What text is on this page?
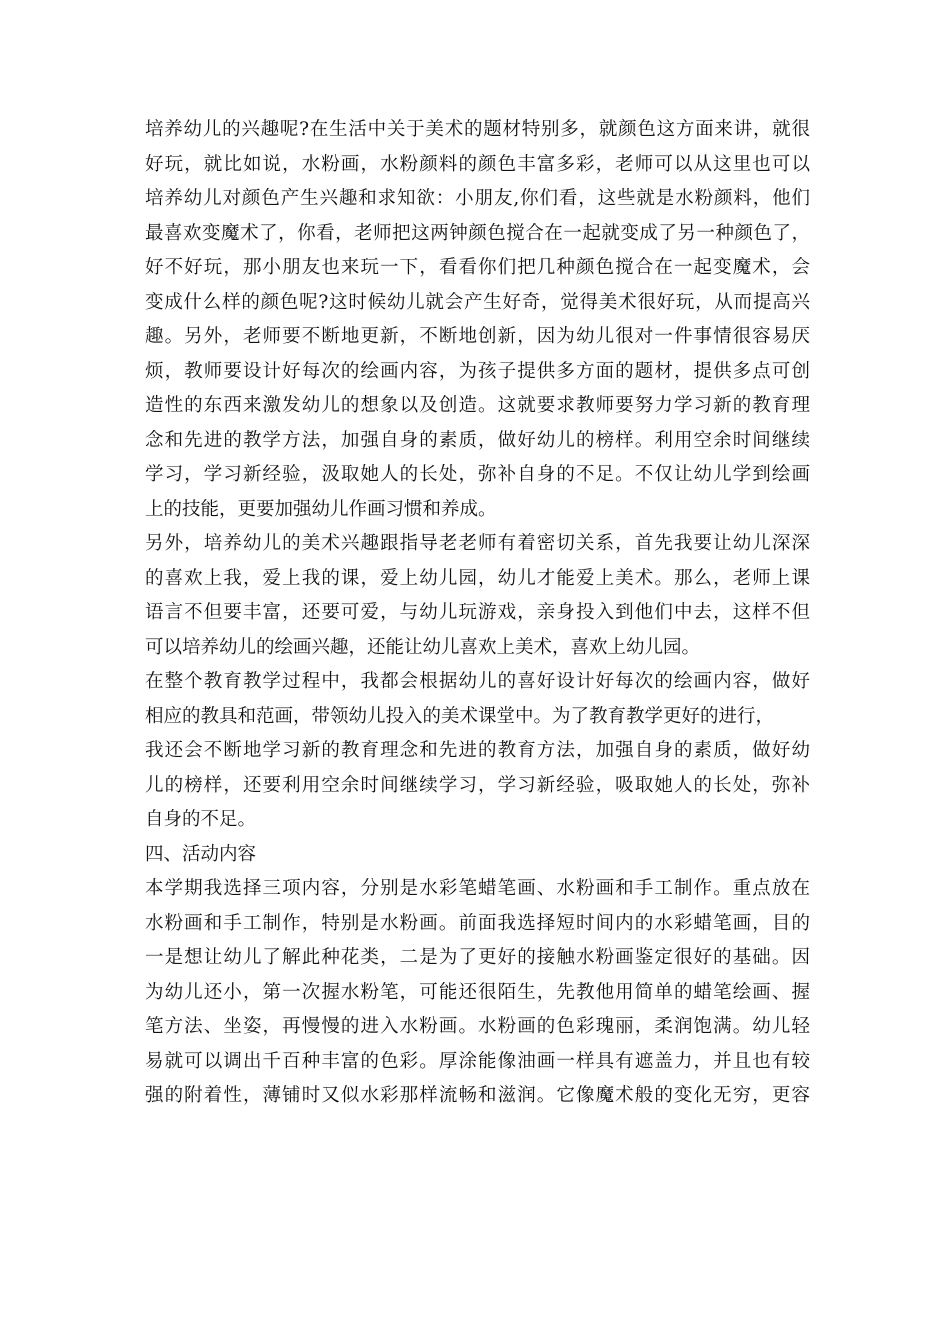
培养幼儿的兴趣呢?在生活中关于美术的题材特别多，就颜色这方面来讲，就很
好玩，就比如说，水粉画，水粉颜料的颜色丰富多彩，老师可以从这里也可以
培养幼儿对颜色产生兴趣和求知欲：小朋友,你们看，这些就是水粉颜料，他们
最喜欢变魔术了，你看，老师把这两钟颜色搅合在一起就变成了另一种颜色了，
好不好玩，那小朋友也来玩一下，看看你们把几种颜色搅合在一起变魔术，会
变成什么样的颜色呢?这时候幼儿就会产生好奇，觉得美术很好玩，从而提高兴
趣。另外，老师要不断地更新，不断地创新，因为幼儿很对一件事情很容易厌
烦，教师要设计好每次的绘画内容，为孩子提供多方面的题材，提供多点可创
造性的东西来激发幼儿的想象以及创造。这就要求教师要努力学习新的教育理
念和先进的教学方法，加强自身的素质，做好幼儿的榜样。利用空余时间继续
学习，学习新经验，汲取她人的长处，弥补自身的不足。不仅让幼儿学到绘画
上的技能，更要加强幼儿作画习惯和养成。
另外，培养幼儿的美术兴趣跟指导老老师有着密切关系，首先我要让幼儿深深
的喜欢上我，爱上我的课，爱上幼儿园，幼儿才能爱上美术。那么，老师上课
语言不但要丰富，还要可爱，与幼儿玩游戏，亲身投入到他们中去，这样不但
可以培养幼儿的绘画兴趣，还能让幼儿喜欢上美术，喜欢上幼儿园。
在整个教育教学过程中，我都会根据幼儿的喜好设计好每次的绘画内容，做好
相应的教具和范画，带领幼儿投入的美术课堂中。为了教育教学更好的进行，
我还会不断地学习新的教育理念和先进的教育方法，加强自身的素质，做好幼
儿的榜样，还要利用空余时间继续学习，学习新经验，吸取她人的长处，弥补
自身的不足。
四、活动内容
本学期我选择三项内容，分别是水彩笔蜡笔画、水粉画和手工制作。重点放在
水粉画和手工制作，特别是水粉画。前面我选择短时间内的水彩蜡笔画，目的
一是想让幼儿了解此种花类，二是为了更好的接触水粉画鉴定很好的基础。因
为幼儿还小，第一次握水粉笔，可能还很陌生，先教他用简单的蜡笔绘画、握
笔方法、坐姿，再慢慢的进入水粉画。水粉画的色彩瑰丽，柔润饱满。幼儿轻
易就可以调出千百种丰富的色彩。厚涂能像油画一样具有遮盖力，并且也有较
强的附着性，薄铺时又似水彩那样流畅和滋润。它像魔术般的变化无穷，更容
